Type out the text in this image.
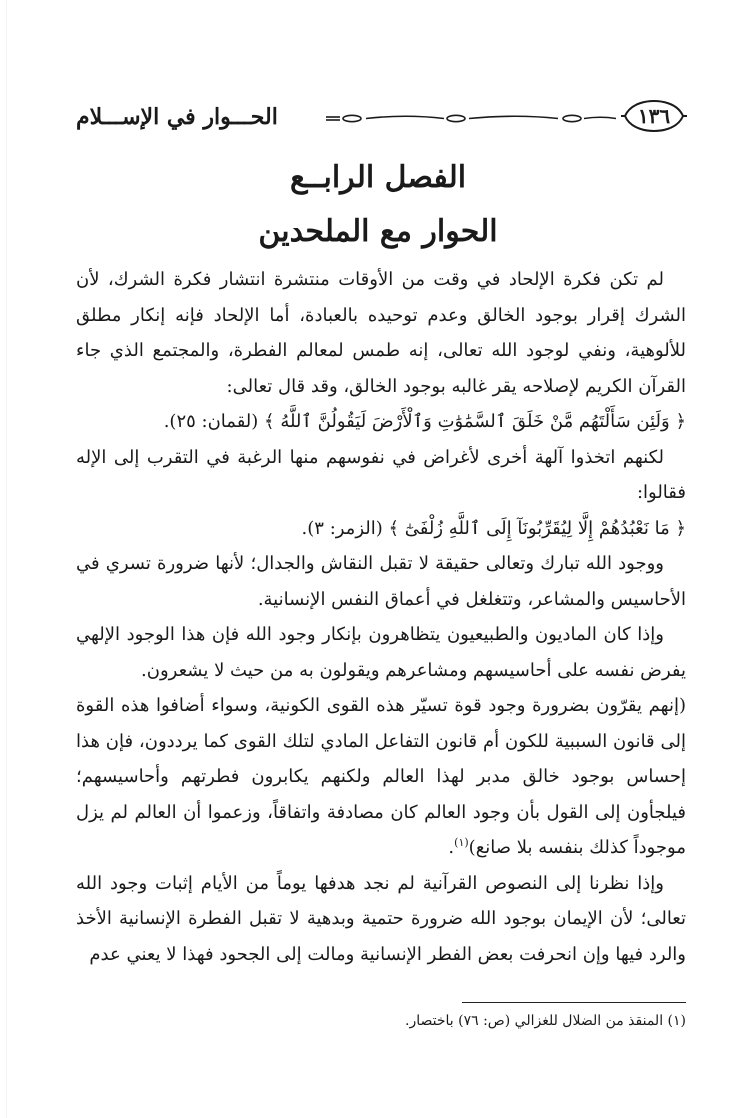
الحـــوار في الإســـلام	١٣٦
الفصل الرابــع
الحوار مع الملحدين

لم تكن فكرة الإلحاد في وقت من الأوقات منتشرة انتشار فكرة الشرك، لأن الشرك إقرار بوجود الخالق وعدم توحيده بالعبادة، أما الإلحاد فإنه إنكار مطلق للألوهية، ونفي لوجود الله تعالى، إنه طمس لمعالم الفطرة، والمجتمع الذي جاء القرآن الكريم لإصلاحه يقر غالبه بوجود الخالق، وقد قال تعالى:

﴿ وَلَئِن سَأَلْتَهُم مَّنْ خَلَقَ ٱلسَّمَٰوَٰتِ وَٱلْأَرْضَ لَيَقُولُنَّ ٱللَّهُ ﴾ (لقمان: ٢٥).

لكنهم اتخذوا آلهة أخرى لأغراض في نفوسهم منها الرغبة في التقرب إلى الإله فقالوا:

﴿ مَا نَعْبُدُهُمْ إِلَّا لِيُقَرِّبُونَآ إِلَى ٱللَّهِ زُلْفَىٰٓ ﴾ (الزمر: ٣).

ووجود الله تبارك وتعالى حقيقة لا تقبل النقاش والجدال؛ لأنها ضرورة تسري في الأحاسيس والمشاعر، وتتغلغل في أعماق النفس الإنسانية.

وإذا كان الماديون والطبيعيون يتظاهرون بإنكار وجود الله فإن هذا الوجود الإلهي يفرض نفسه على أحاسيسهم ومشاعرهم ويقولون به من حيث لا يشعرون.

(إنهم يقرّون بضرورة وجود قوة تسيّر هذه القوى الكونية، وسواء أضافوا هذه القوة إلى قانون السببية للكون أم قانون التفاعل المادي لتلك القوى كما يرددون، فإن هذا إحساس بوجود خالق مدبر لهذا العالم ولكنهم يكابرون فطرتهم وأحاسيسهم؛ فيلجأون إلى القول بأن وجود العالم كان مصادفة واتفاقاً، وزعموا أن العالم لم يزل موجوداً كذلك بنفسه بلا صانع)$^{(١)}$.

وإذا نظرنا إلى النصوص القرآنية لم نجد هدفها يوماً من الأيام إثبات وجود الله تعالى؛ لأن الإيمان بوجود الله ضرورة حتمية وبدهية لا تقبل الفطرة الإنسانية الأخذ والرد فيها وإن انحرفت بعض الفطر الإنسانية ومالت إلى الجحود فهذا لا يعني عدم

(١) المنقذ من الضلال للغزالي (ص: ٧٦) باختصار.
